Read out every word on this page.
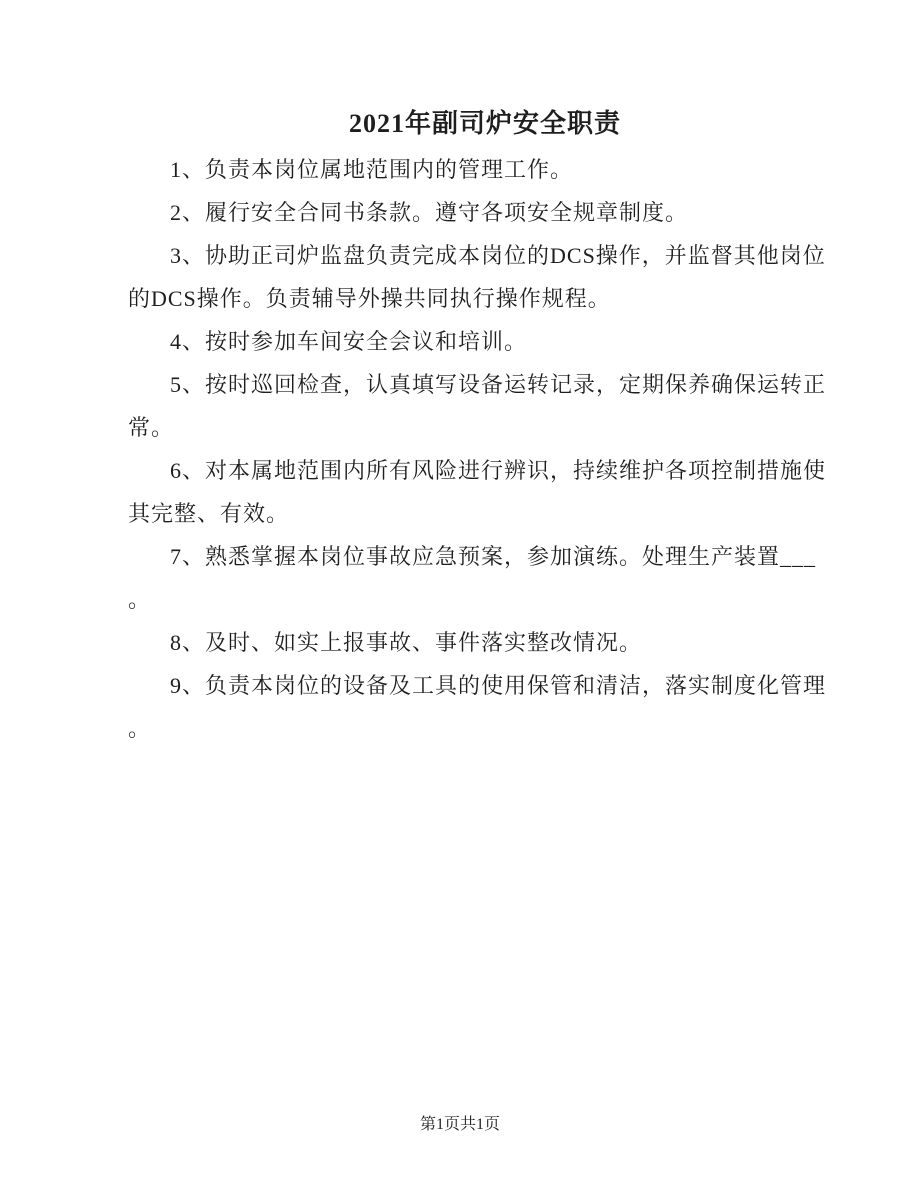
2021年副司炉安全职责
1、负责本岗位属地范围内的管理工作。
2、履行安全合同书条款。遵守各项安全规章制度。
3、协助正司炉监盘负责完成本岗位的DCS操作，并监督其他岗位
的DCS操作。负责辅导外操共同执行操作规程。
4、按时参加车间安全会议和培训。
5、按时巡回检查，认真填写设备运转记录，定期保养确保运转正
常。
6、对本属地范围内所有风险进行辨识，持续维护各项控制措施使
其完整、有效。
7、熟悉掌握本岗位事故应急预案，参加演练。处理生产装置___
。
8、及时、如实上报事故、事件落实整改情况。
9、负责本岗位的设备及工具的使用保管和清洁，落实制度化管理
。
第1页共1页
